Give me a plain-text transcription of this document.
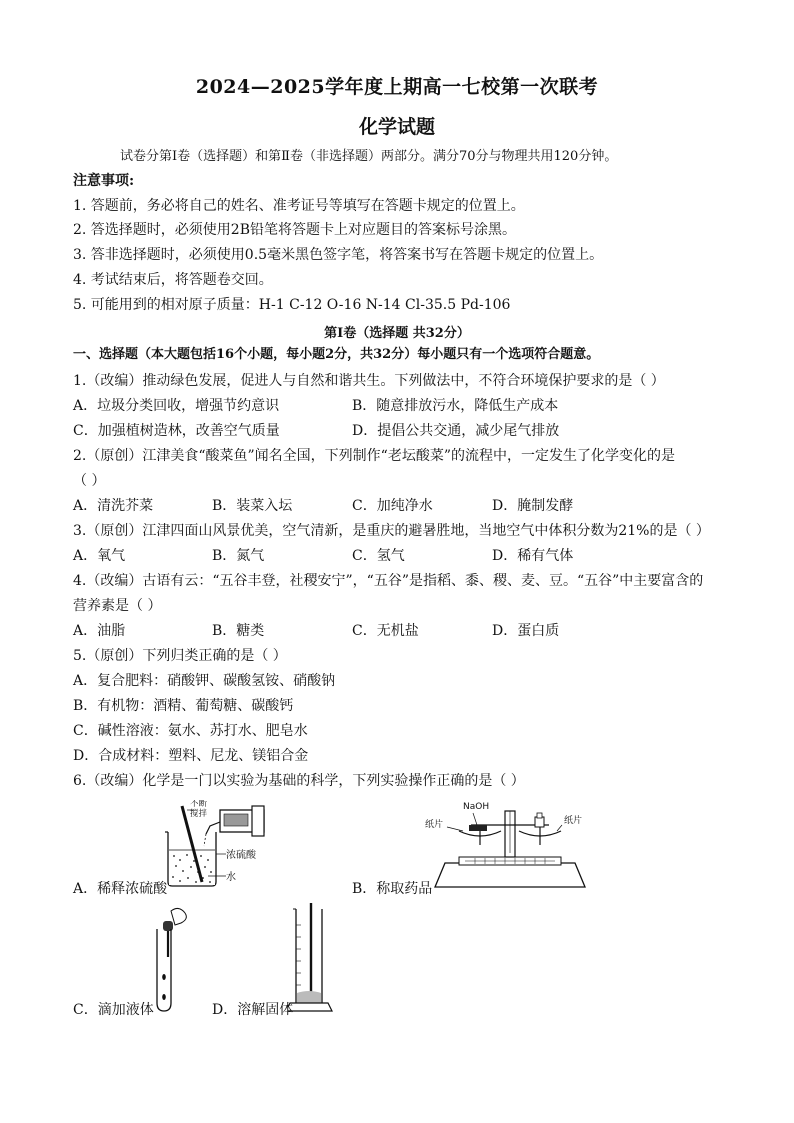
2024—2025学年度上期高一七校第一次联考
化学试题
试卷分第Ⅰ卷（选择题）和第Ⅱ卷（非选择题）两部分。满分70分与物理共用120分钟。
注意事项:
1. 答题前，务必将自己的姓名、准考证号等填写在答题卡规定的位置上。
2. 答选择题时，必须使用2B铅笔将答题卡上对应题目的答案标号涂黑。
3. 答非选择题时，必须使用0.5毫米黑色签字笔，将答案书写在答题卡规定的位置上。
4. 考试结束后，将答题卷交回。
5. 可能用到的相对原子质量：H-1 C-12 O-16 N-14 Cl-35.5 Pd-106
第Ⅰ卷（选择题 共32分）
一、选择题（本大题包括16个小题，每小题2分，共32分）每小题只有一个选项符合题意。
1.（改编）推动绿色发展，促进人与自然和谐共生。下列做法中，不符合环境保护要求的是（ ）
A．垃圾分类回收，增强节约意识	B．随意排放污水，降低生产成本
C．加强植树造林，改善空气质量	D．提倡公共交通，减少尾气排放
2.（原创）江津美食“酸菜鱼”闻名全国，下列制作“老坛酸菜”的流程中，一定发生了化学变化的是
（ ）
A．清洗芥菜	B．装菜入坛	C．加纯净水	D．腌制发酵
3.（原创）江津四面山风景优美，空气清新，是重庆的避暑胜地，当地空气中体积分数为21%的是（ ）
A．氧气	B．氮气	C．氢气	D．稀有气体
4.（改编）古语有云：“五谷丰登，社稷安宁”，“五谷”是指稻、黍、稷、麦、豆。“五谷”中主要富含的
营养素是（ ）
A．油脂	B．糖类	C．无机盐	D．蛋白质
5.（原创）下列归类正确的是（ ）
A．复合肥料：硝酸钾、碳酸氢铵、硝酸钠
B．有机物：酒精、葡萄糖、碳酸钙
C．碱性溶液：氨水、苏打水、肥皂水
D．合成材料：塑料、尼龙、镁铝合金
6.（改编）化学是一门以实验为基础的科学，下列实验操作正确的是（ ）
不断
搅拌
浓硫酸
水
A．稀释浓硫酸
NaOH
纸片	纸片
B．称取药品
C．滴加液体	D．溶解固体
